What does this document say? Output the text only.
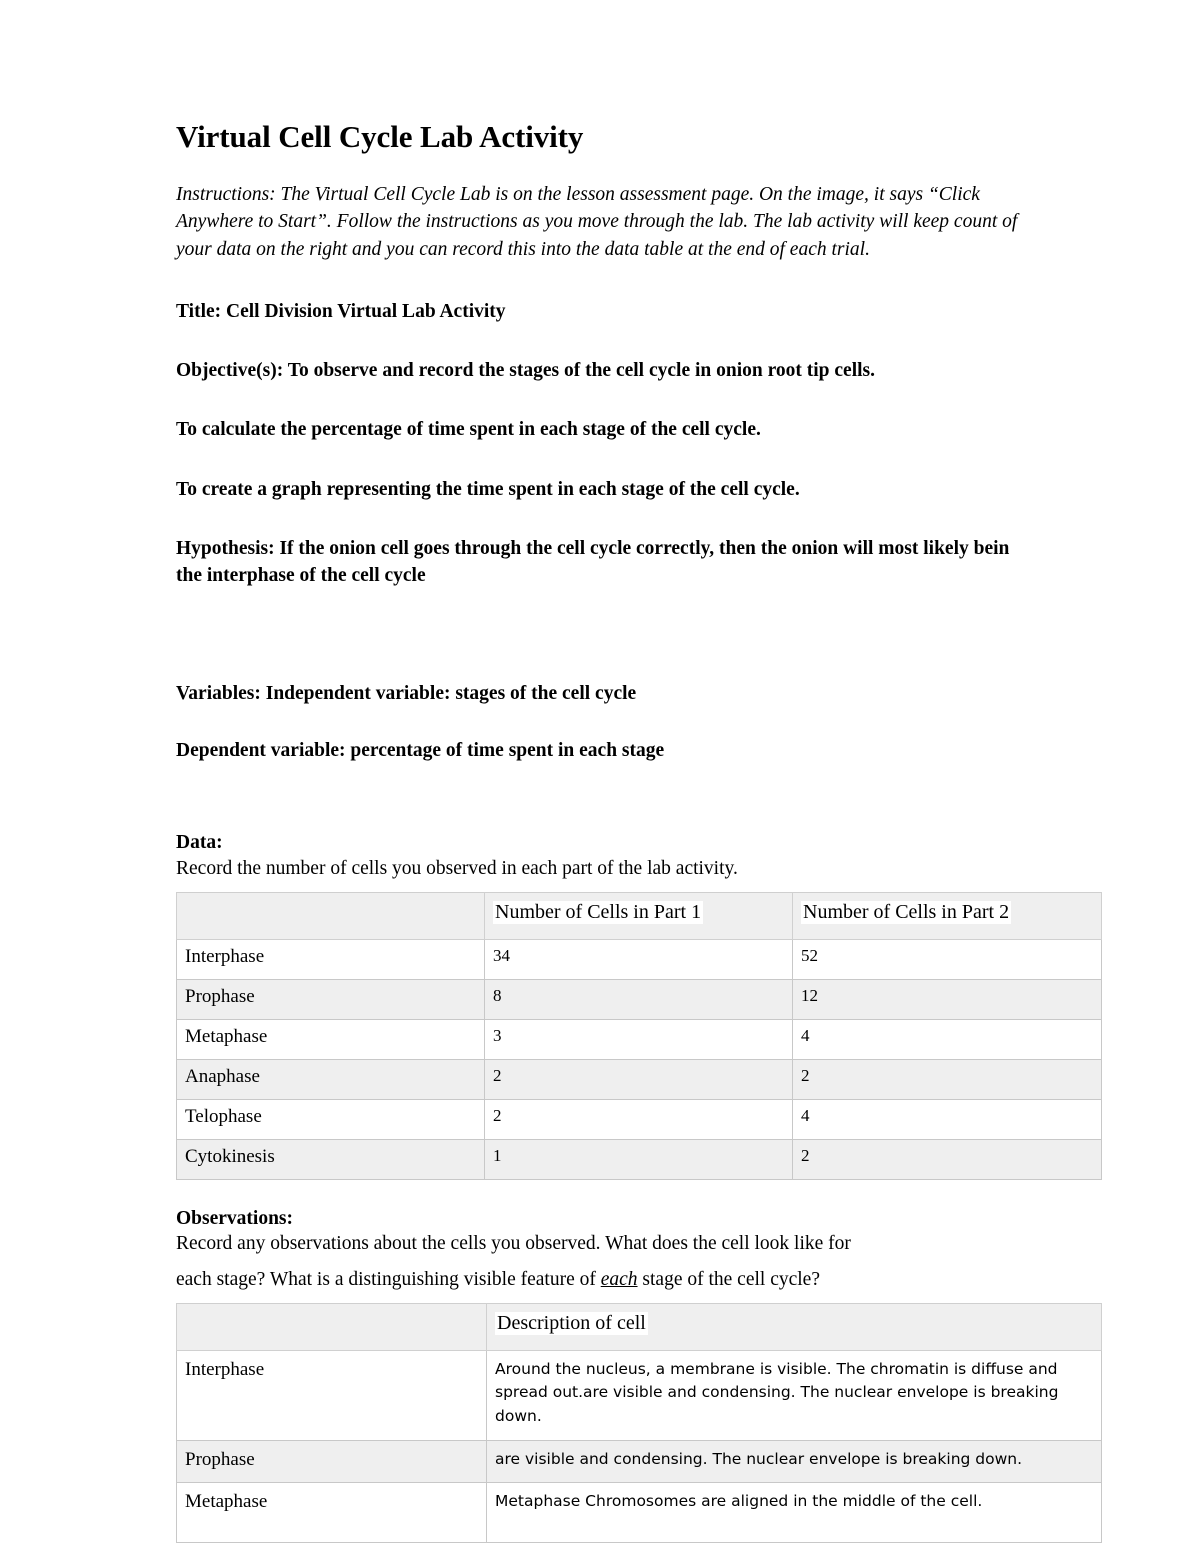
Virtual Cell Cycle Lab Activity

Instructions: The Virtual Cell Cycle Lab is on the lesson assessment page. On the image, it says “Click Anywhere to Start”. Follow the instructions as you move through the lab. The lab activity will keep count of your data on the right and you can record this into the data table at the end of each trial.

Title: Cell Division Virtual Lab Activity

Objective(s): To observe and record the stages of the cell cycle in onion root tip cells.

To calculate the percentage of time spent in each stage of the cell cycle.

To create a graph representing the time spent in each stage of the cell cycle.

Hypothesis: If the onion cell goes through the cell cycle correctly, then the onion will most likely bein the interphase of the cell cycle

Variables: Independent variable: stages of the cell cycle

Dependent variable: percentage of time spent in each stage

Data:
Record the number of cells you observed in each part of the lab activity.
	Number of Cells in Part 1	Number of Cells in Part 2
Interphase	34	52
Prophase	8	12
Metaphase	3	4
Anaphase	2	2
Telophase	2	4
Cytokinesis	1	2
Observations:
Record any observations about the cells you observed. What does the cell look like for
each stage? What is a distinguishing visible feature of each stage of the cell cycle?
	Description of cell
Interphase	Around the nucleus, a membrane is visible. The chromatin is diffuse and spread out.are visible and condensing. The nuclear envelope is breaking down.
Prophase	are visible and condensing. The nuclear envelope is breaking down.
Metaphase	Metaphase Chromosomes are aligned in the middle of the cell.
